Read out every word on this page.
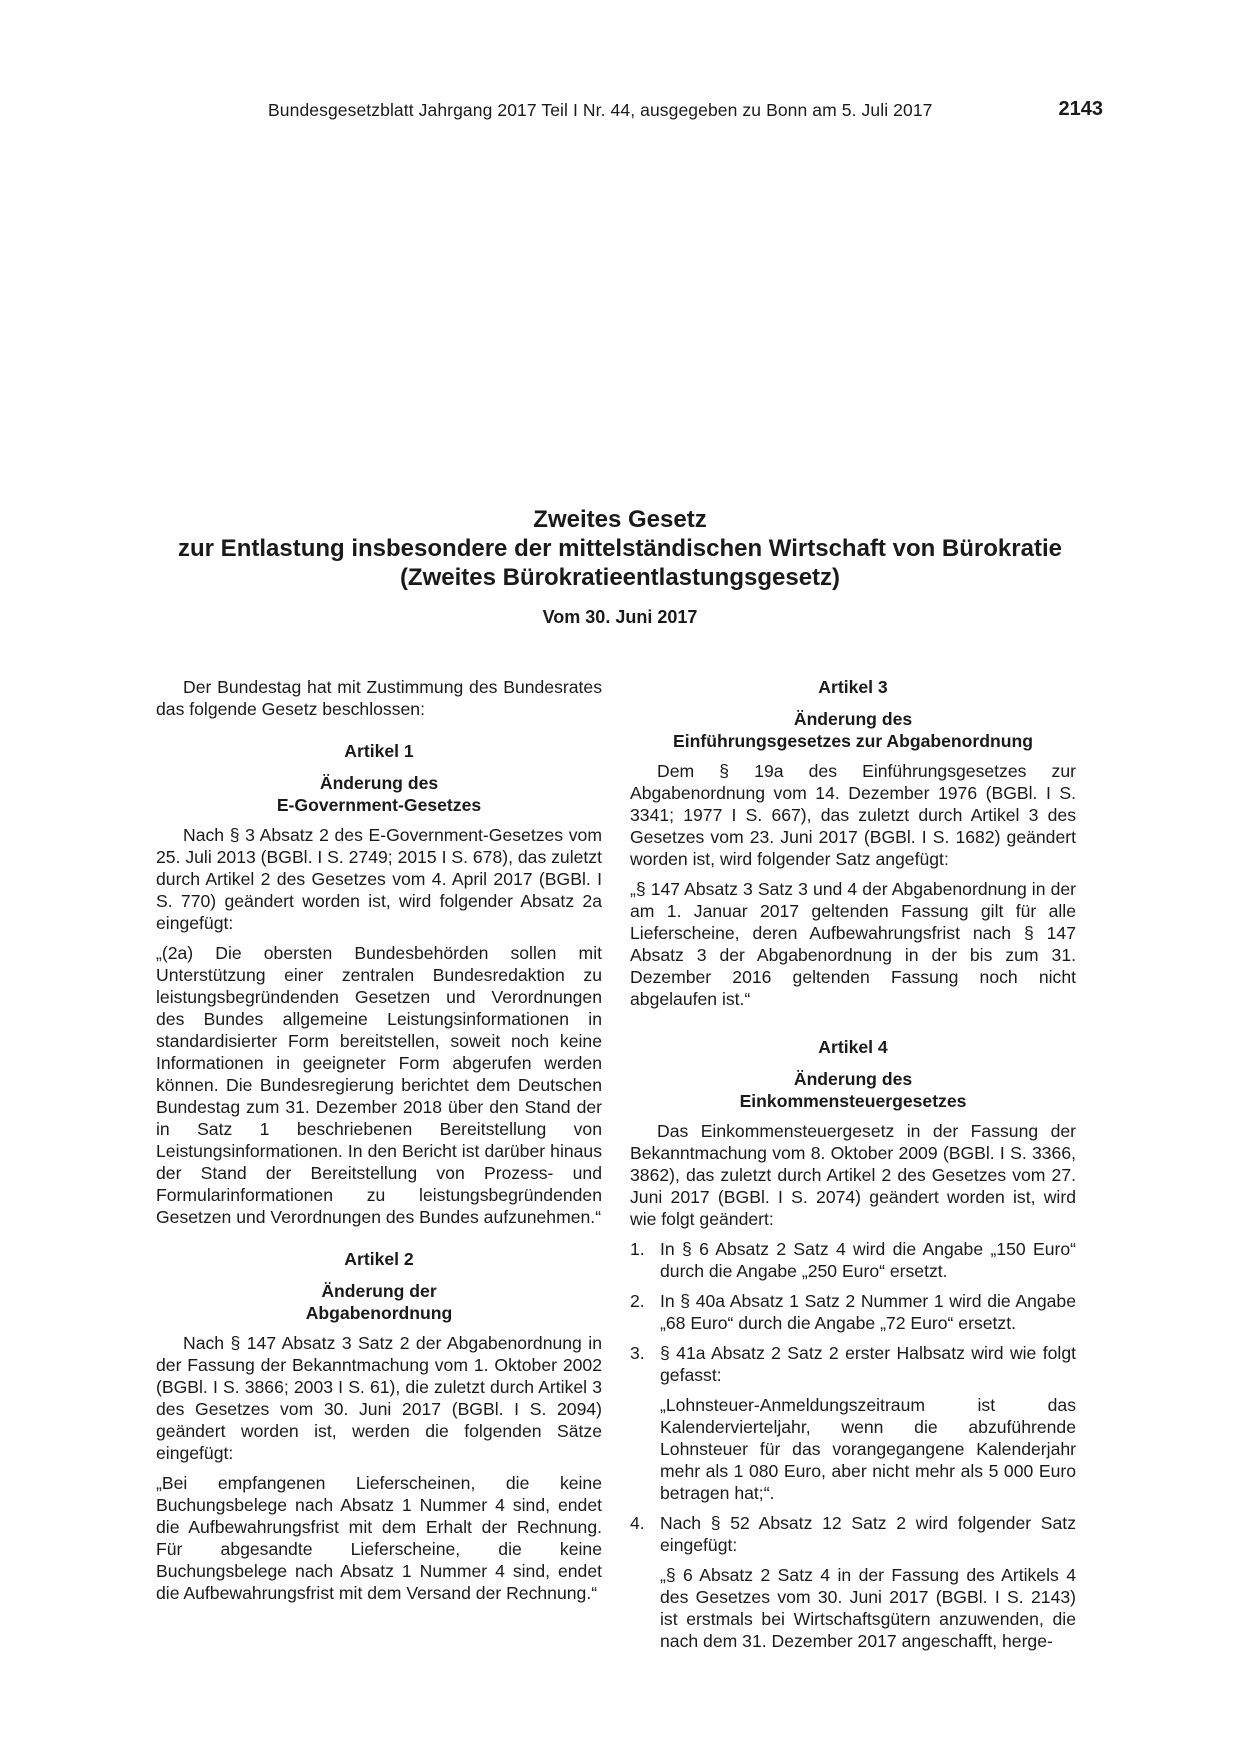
Bundesgesetzblatt Jahrgang 2017 Teil I Nr. 44, ausgegeben zu Bonn am 5. Juli 2017	2143
Zweites Gesetz
zur Entlastung insbesondere der mittelständischen Wirtschaft von Bürokratie
(Zweites Bürokratieentlastungsgesetz)
Vom 30. Juni 2017

Der Bundestag hat mit Zustimmung des Bundesrates das folgende Gesetz beschlossen:

Artikel 1
Änderung des
E-Government-Gesetzes

Nach § 3 Absatz 2 des E-Government-Gesetzes vom 25. Juli 2013 (BGBl. I S. 2749; 2015 I S. 678), das zuletzt durch Artikel 2 des Gesetzes vom 4. April 2017 (BGBl. I S. 770) geändert worden ist, wird folgender Absatz 2a eingefügt:

„(2a) Die obersten Bundesbehörden sollen mit Unterstützung einer zentralen Bundesredaktion zu leistungsbegründenden Gesetzen und Verordnungen des Bundes allgemeine Leistungsinformationen in standardisierter Form bereitstellen, soweit noch keine Informationen in geeigneter Form abgerufen werden können. Die Bundesregierung berichtet dem Deutschen Bundestag zum 31. Dezember 2018 über den Stand der in Satz 1 beschriebenen Bereitstellung von Leistungsinformationen. In den Bericht ist darüber hinaus der Stand der Bereitstellung von Prozess- und Formularinformationen zu leistungsbegründenden Gesetzen und Verordnungen des Bundes aufzunehmen.“

Artikel 2
Änderung der
Abgabenordnung

Nach § 147 Absatz 3 Satz 2 der Abgabenordnung in der Fassung der Bekanntmachung vom 1. Oktober 2002 (BGBl. I S. 3866; 2003 I S. 61), die zuletzt durch Artikel 3 des Gesetzes vom 30. Juni 2017 (BGBl. I S. 2094) geändert worden ist, werden die folgenden Sätze eingefügt:

„Bei empfangenen Lieferscheinen, die keine Buchungsbelege nach Absatz 1 Nummer 4 sind, endet die Aufbewahrungsfrist mit dem Erhalt der Rechnung. Für abgesandte Lieferscheine, die keine Buchungsbelege nach Absatz 1 Nummer 4 sind, endet die Aufbewahrungsfrist mit dem Versand der Rechnung.“

Artikel 3
Änderung des
Einführungsgesetzes zur Abgabenordnung

Dem § 19a des Einführungsgesetzes zur Abgabenordnung vom 14. Dezember 1976 (BGBl. I S. 3341; 1977 I S. 667), das zuletzt durch Artikel 3 des Gesetzes vom 23. Juni 2017 (BGBl. I S. 1682) geändert worden ist, wird folgender Satz angefügt:

„§ 147 Absatz 3 Satz 3 und 4 der Abgabenordnung in der am 1. Januar 2017 geltenden Fassung gilt für alle Lieferscheine, deren Aufbewahrungsfrist nach § 147 Absatz 3 der Abgabenordnung in der bis zum 31. Dezember 2016 geltenden Fassung noch nicht abgelaufen ist.“

Artikel 4
Änderung des
Einkommensteuergesetzes

Das Einkommensteuergesetz in der Fassung der Bekanntmachung vom 8. Oktober 2009 (BGBl. I S. 3366, 3862), das zuletzt durch Artikel 2 des Gesetzes vom 27. Juni 2017 (BGBl. I S. 2074) geändert worden ist, wird wie folgt geändert:

1. In § 6 Absatz 2 Satz 4 wird die Angabe „150 Euro“ durch die Angabe „250 Euro“ ersetzt.
2. In § 40a Absatz 1 Satz 2 Nummer 1 wird die Angabe „68 Euro“ durch die Angabe „72 Euro“ ersetzt.
3. § 41a Absatz 2 Satz 2 erster Halbsatz wird wie folgt gefasst:
„Lohnsteuer-Anmeldungszeitraum ist das Kalendervierteljahr, wenn die abzuführende Lohnsteuer für das vorangegangene Kalenderjahr mehr als 1 080 Euro, aber nicht mehr als 5 000 Euro betragen hat;“.
4. Nach § 52 Absatz 12 Satz 2 wird folgender Satz eingefügt:
„§ 6 Absatz 2 Satz 4 in der Fassung des Artikels 4 des Gesetzes vom 30. Juni 2017 (BGBl. I S. 2143) ist erstmals bei Wirtschaftsgütern anzuwenden, die nach dem 31. Dezember 2017 angeschafft, herge-
